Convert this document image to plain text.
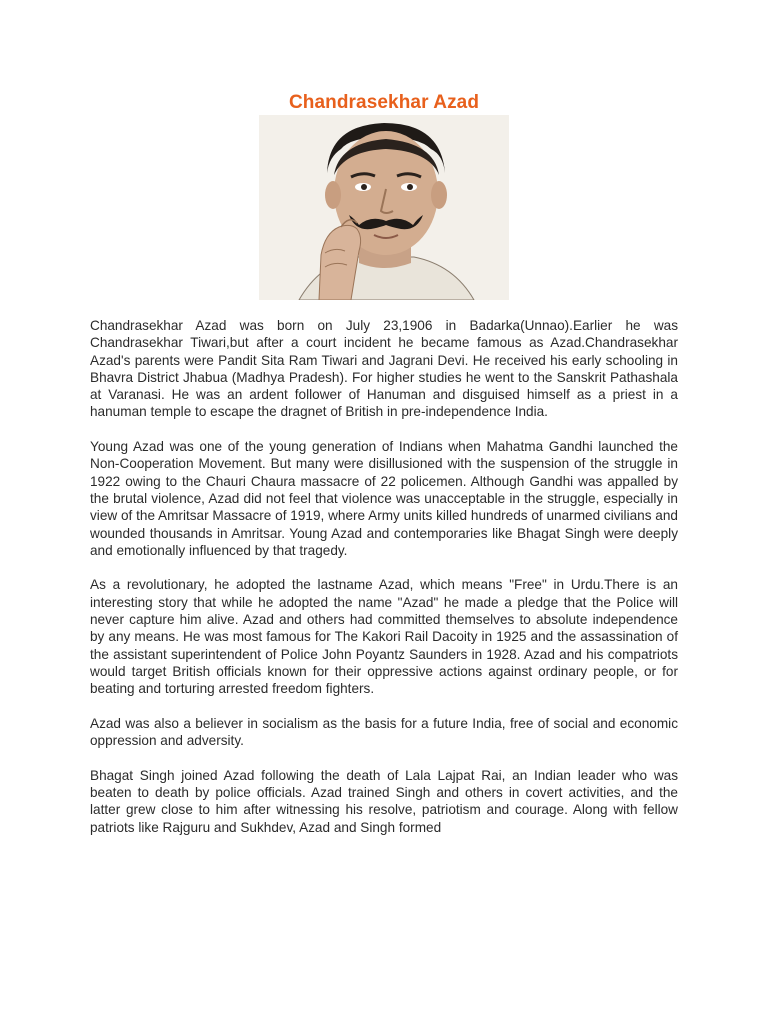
Chandrasekhar Azad

Chandrasekhar Azad was born on July 23,1906 in Badarka(Unnao).Earlier he was Chandrasekhar Tiwari,but after a court incident he became famous as Azad.Chandrasekhar Azad's parents were Pandit Sita Ram Tiwari and Jagrani Devi. He received his early schooling in Bhavra District Jhabua (Madhya Pradesh). For higher studies he went to the Sanskrit Pathashala at Varanasi. He was an ardent follower of Hanuman and disguised himself as a priest in a hanuman temple to escape the dragnet of British in pre-independence India.

Young Azad was one of the young generation of Indians when Mahatma Gandhi launched the Non-Cooperation Movement. But many were disillusioned with the suspension of the struggle in 1922 owing to the Chauri Chaura massacre of 22 policemen. Although Gandhi was appalled by the brutal violence, Azad did not feel that violence was unacceptable in the struggle, especially in view of the Amritsar Massacre of 1919, where Army units killed hundreds of unarmed civilians and wounded thousands in Amritsar. Young Azad and contemporaries like Bhagat Singh were deeply and emotionally influenced by that tragedy.

As a revolutionary, he adopted the lastname Azad, which means "Free" in Urdu.There is an interesting story that while he adopted the name "Azad" he made a pledge that the Police will never capture him alive. Azad and others had committed themselves to absolute independence by any means. He was most famous for The Kakori Rail Dacoity in 1925 and the assassination of the assistant superintendent of Police John Poyantz Saunders in 1928. Azad and his compatriots would target British officials known for their oppressive actions against ordinary people, or for beating and torturing arrested freedom fighters.

Azad was also a believer in socialism as the basis for a future India, free of social and economic oppression and adversity.

Bhagat Singh joined Azad following the death of Lala Lajpat Rai, an Indian leader who was beaten to death by police officials. Azad trained Singh and others in covert activities, and the latter grew close to him after witnessing his resolve, patriotism and courage. Along with fellow patriots like Rajguru and Sukhdev, Azad and Singh formed
